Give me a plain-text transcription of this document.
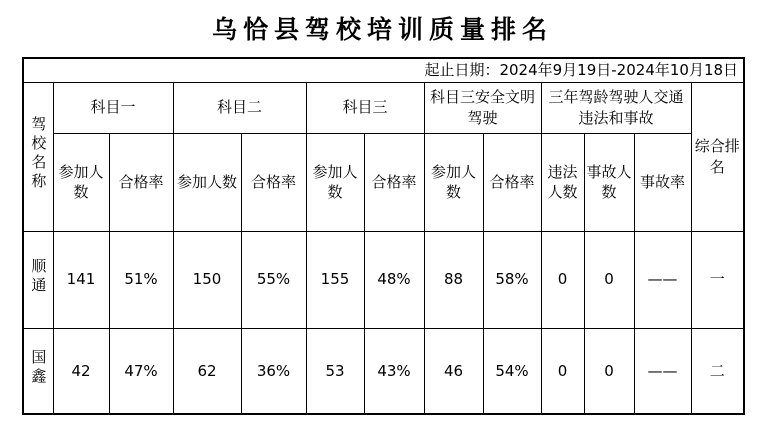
乌恰县驾校培训质量排名
起止日期：2024年9月19日-2024年10月18日												
驾校名称	科目一		科目二		科目三		科目三安全文明驾驶		三年驾龄驾驶人交通违法和事故			综合排名
	参加人数	合格率	参加人数	合格率	参加人数	合格率	参加人数	合格率	违法人数	事故人数	事故率	
顺通	141	51%	150	55%	155	48%	88	58%	0	0	——	一
国鑫	42	47%	62	36%	53	43%	46	54%	0	0	——	二
